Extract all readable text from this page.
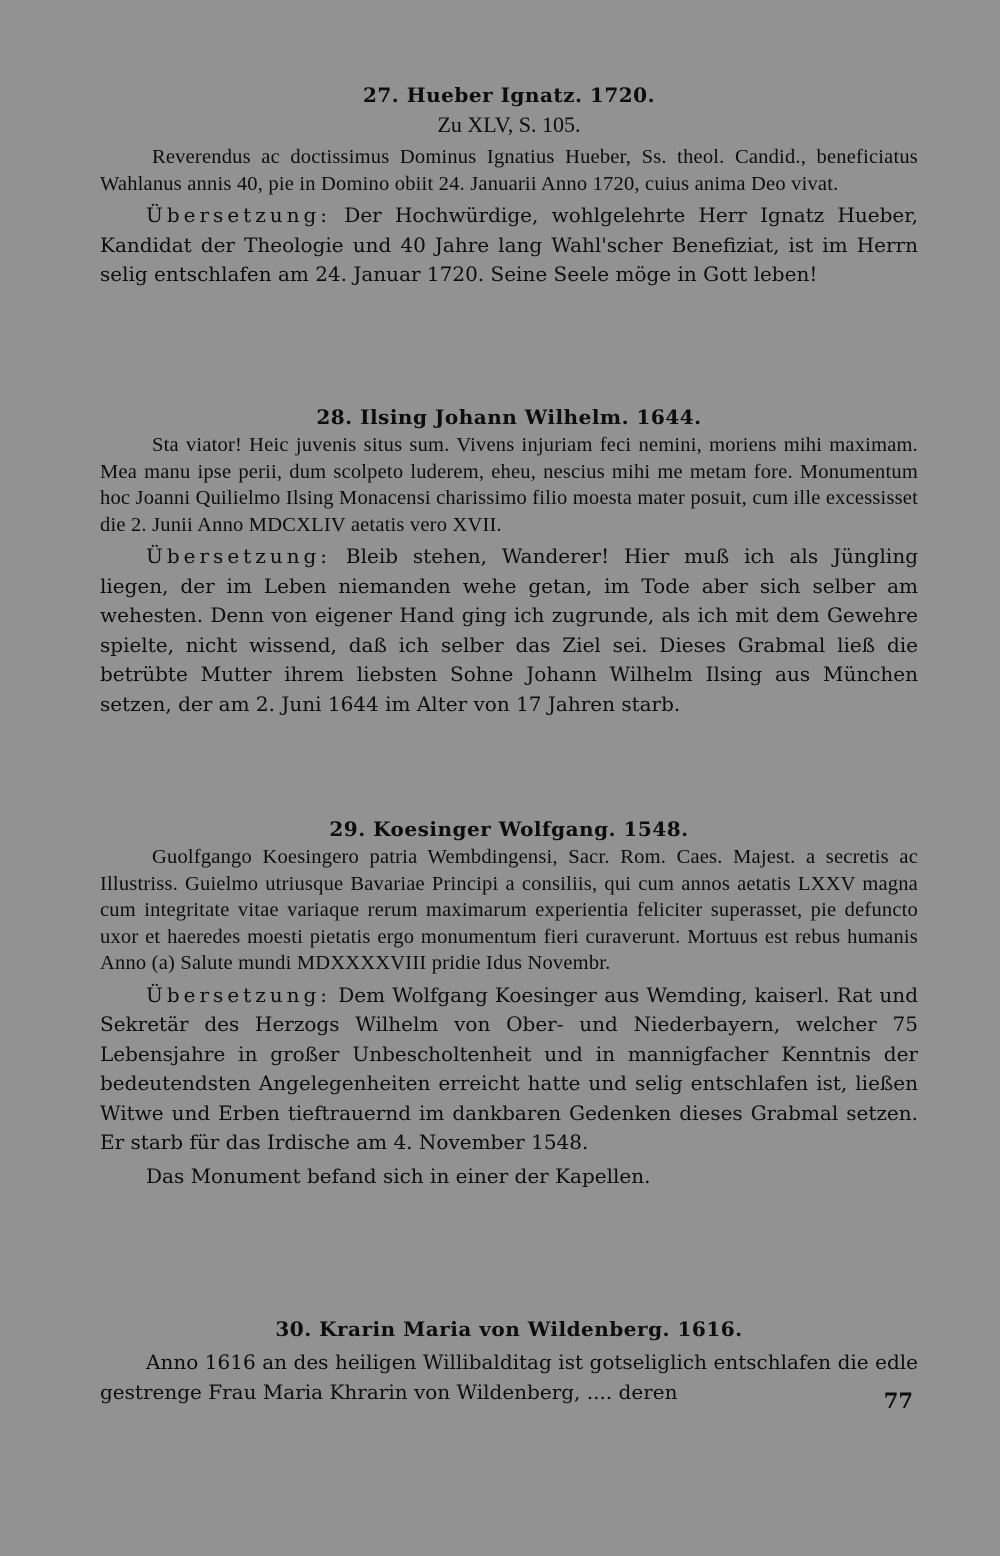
27. Hueber Ignatz. 1720.

Zu XLV, S. 105.

Reverendus ac doctissimus Dominus Ignatius Hueber, Ss. theol. Candid., beneficiatus Wahlanus annis 40, pie in Domino obiit 24. Januarii Anno 1720, cuius anima Deo vivat.

Übersetzung: Der Hochwürdige, wohlgelehrte Herr Ignatz Hueber, Kandidat der Theologie und 40 Jahre lang Wahl'scher Benefiziat, ist im Herrn selig entschlafen am 24. Januar 1720. Seine Seele möge in Gott leben!

28. Ilsing Johann Wilhelm. 1644.

Sta viator! Heic juvenis situs sum. Vivens injuriam feci nemini, moriens mihi maximam. Mea manu ipse perii, dum scolpeto luderem, eheu, nescius mihi me metam fore. Monumentum hoc Joanni Quilielmo Ilsing Monacensi charissimo filio moesta mater posuit, cum ille excessisset die 2. Junii Anno MDCXLIV aetatis vero XVII.

Übersetzung: Bleib stehen, Wanderer! Hier muß ich als Jüngling liegen, der im Leben niemanden wehe getan, im Tode aber sich selber am wehesten. Denn von eigener Hand ging ich zugrunde, als ich mit dem Gewehre spielte, nicht wissend, daß ich selber das Ziel sei. Dieses Grabmal ließ die betrübte Mutter ihrem liebsten Sohne Johann Wilhelm Ilsing aus München setzen, der am 2. Juni 1644 im Alter von 17 Jahren starb.

29. Koesinger Wolfgang. 1548.

Guolfgango Koesingero patria Wembdingensi, Sacr. Rom. Caes. Majest. a secretis ac Illustriss. Guielmo utriusque Bavariae Principi a consiliis, qui cum annos aetatis LXXV magna cum integritate vitae variaque rerum maximarum experientia feliciter superasset, pie defuncto uxor et haeredes moesti pietatis ergo monumentum fieri curaverunt. Mortuus est rebus humanis Anno (a) Salute mundi MDXXXXVIII pridie Idus Novembr.

Übersetzung: Dem Wolfgang Koesinger aus Wemding, kaiserl. Rat und Sekretär des Herzogs Wilhelm von Ober- und Niederbayern, welcher 75 Lebensjahre in großer Unbescholtenheit und in mannigfacher Kenntnis der bedeutendsten Angelegenheiten erreicht hatte und selig entschlafen ist, ließen Witwe und Erben tieftrauernd im dankbaren Gedenken dieses Grabmal setzen. Er starb für das Irdische am 4. November 1548.

Das Monument befand sich in einer der Kapellen.

30. Krarin Maria von Wildenberg. 1616.

Anno 1616 an des heiligen Willibalditag ist gotseliglich entschlafen die edle gestrenge Frau Maria Khrarin von Wildenberg, .... deren	77
